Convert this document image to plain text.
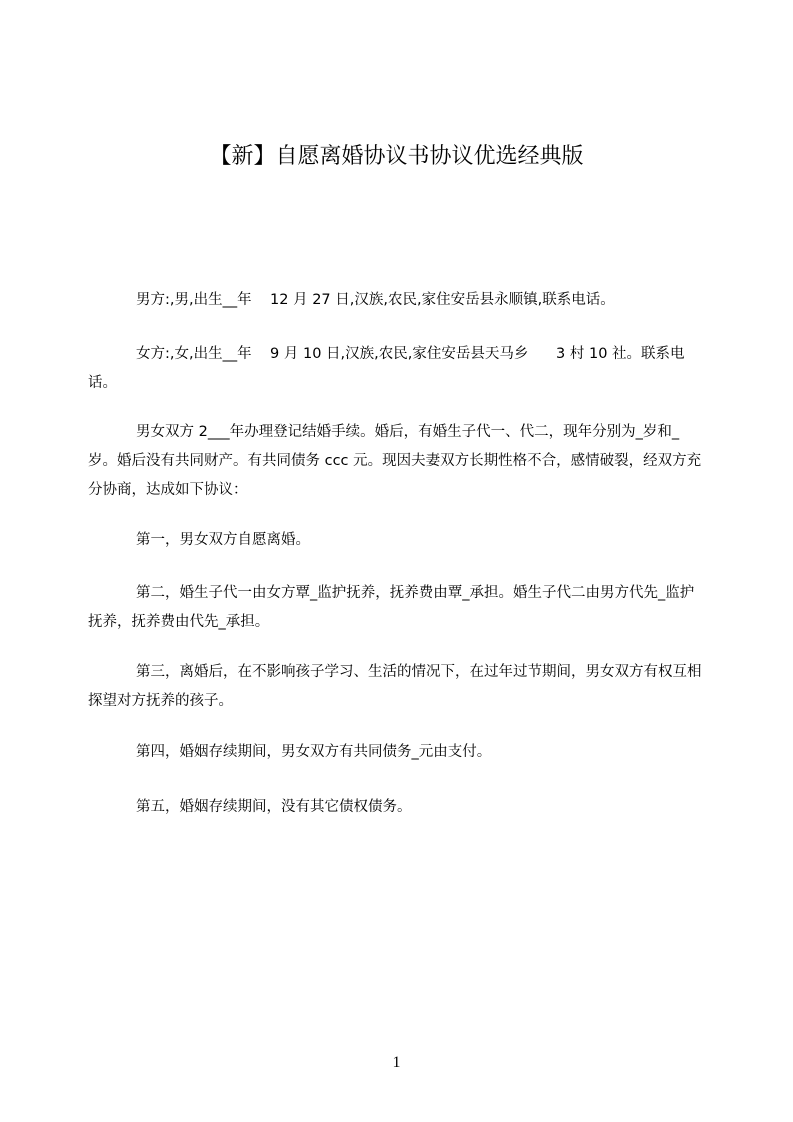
【新】自愿离婚协议书协议优选经典版
男方:,男,出生__年    12 月 27 日,汉族,农民,家住安岳县永顺镇,联系电话。
女方:,女,出生__年    9 月 10 日,汉族,农民,家住安岳县天马乡      3 村 10 社。联系电话。
男女双方 2___年办理登记结婚手续。婚后，有婚生子代一、代二，现年分别为_岁和_岁。婚后没有共同财产。有共同债务 ccc 元。现因夫妻双方长期性格不合，感情破裂，经双方充分协商，达成如下协议：
第一，男女双方自愿离婚。
第二，婚生子代一由女方覃_监护抚养，抚养费由覃_承担。婚生子代二由男方代先_监护抚养，抚养费由代先_承担。
第三，离婚后，在不影响孩子学习、生活的情况下，在过年过节期间，男女双方有权互相探望对方抚养的孩子。
第四，婚姻存续期间，男女双方有共同债务_元由支付。
第五，婚姻存续期间，没有其它债权债务。
1
